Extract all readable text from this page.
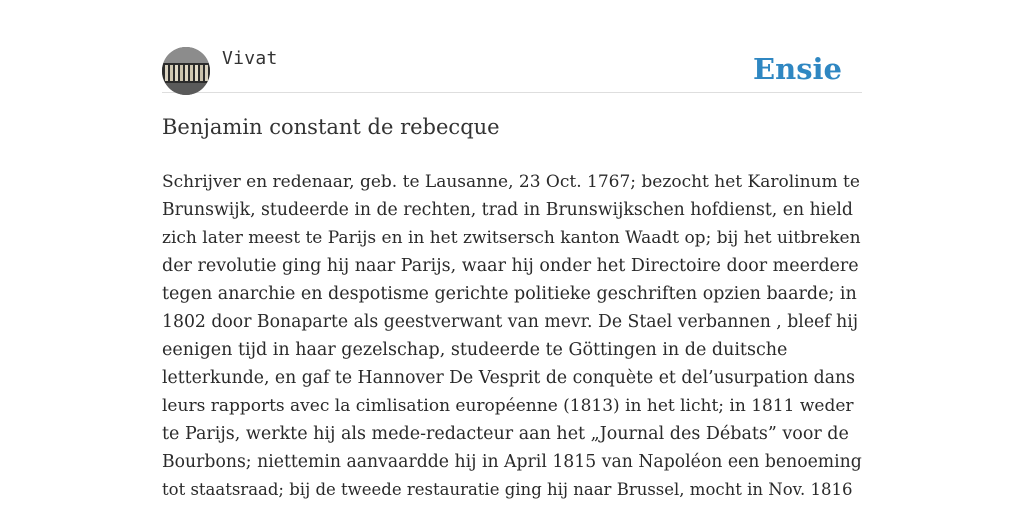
Vivat	Ensie
Benjamin constant de rebecque

Schrijver en redenaar, geb. te Lausanne, 23 Oct. 1767; bezocht het Karolinum te
Brunswijk, studeerde in de rechten, trad in Brunswijkschen hofdienst, en hield
zich later meest te Parijs en in het zwitsersch kanton Waadt op; bij het uitbreken
der revolutie ging hij naar Parijs, waar hij onder het Directoire door meerdere
tegen anarchie en despotisme gerichte politieke geschriften opzien baarde; in
1802 door Bonaparte als geestverwant van mevr. De Stael verbannen , bleef hij
eenigen tijd in haar gezelschap, studeerde te Göttingen in de duitsche
letterkunde, en gaf te Hannover De Vesprit de conquète et del’usurpation dans
leurs rapports avec la cimlisation européenne (1813) in het licht; in 1811 weder
te Parijs, werkte hij als mede-redacteur aan het „Journal des Débats” voor de
Bourbons; niettemin aanvaardde hij in April 1815 van Napoléon een benoeming
tot staatsraad; bij de tweede restauratie ging hij naar Brussel, mocht in Nov. 1816
